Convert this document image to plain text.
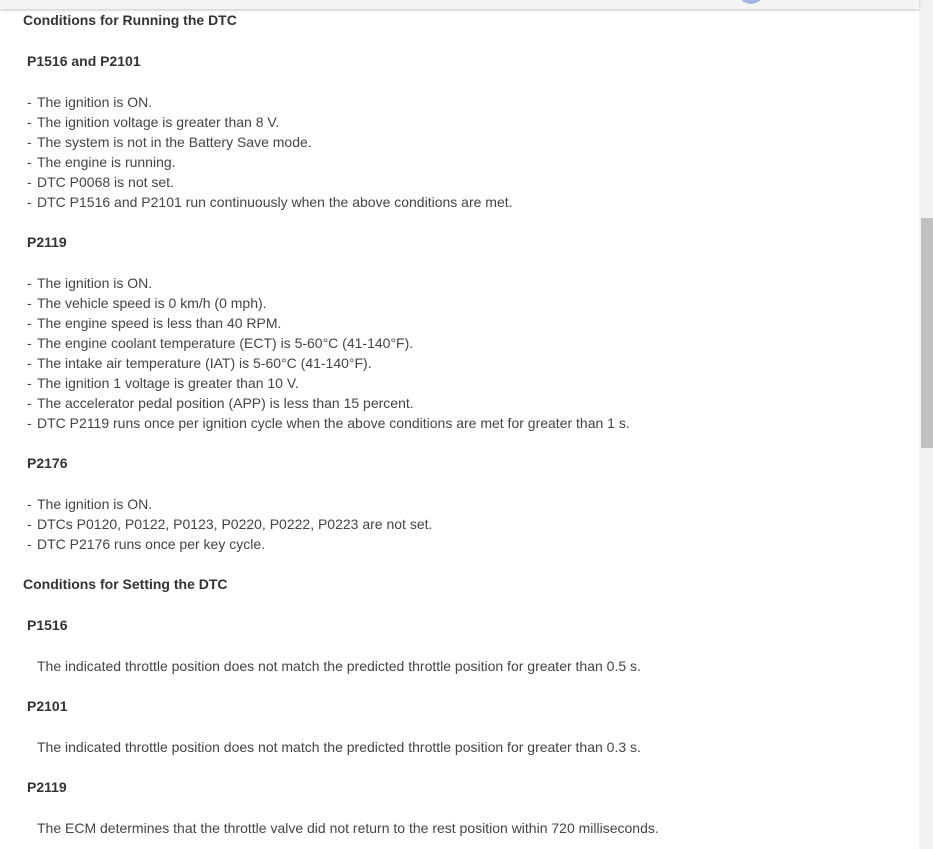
Conditions for Running the DTC
P1516 and P2101
- The ignition is ON.
- The ignition voltage is greater than 8 V.
- The system is not in the Battery Save mode.
- The engine is running.
- DTC P0068 is not set.
- DTC P1516 and P2101 run continuously when the above conditions are met.
P2119
- The ignition is ON.
- The vehicle speed is 0 km/h (0 mph).
- The engine speed is less than 40 RPM.
- The engine coolant temperature (ECT) is 5-60°C (41-140°F).
- The intake air temperature (IAT) is 5-60°C (41-140°F).
- The ignition 1 voltage is greater than 10 V.
- The accelerator pedal position (APP) is less than 15 percent.
- DTC P2119 runs once per ignition cycle when the above conditions are met for greater than 1 s.
P2176
- The ignition is ON.
- DTCs P0120, P0122, P0123, P0220, P0222, P0223 are not set.
- DTC P2176 runs once per key cycle.
Conditions for Setting the DTC
P1516
The indicated throttle position does not match the predicted throttle position for greater than 0.5 s.
P2101
The indicated throttle position does not match the predicted throttle position for greater than 0.3 s.
P2119
The ECM determines that the throttle valve did not return to the rest position within 720 milliseconds.
